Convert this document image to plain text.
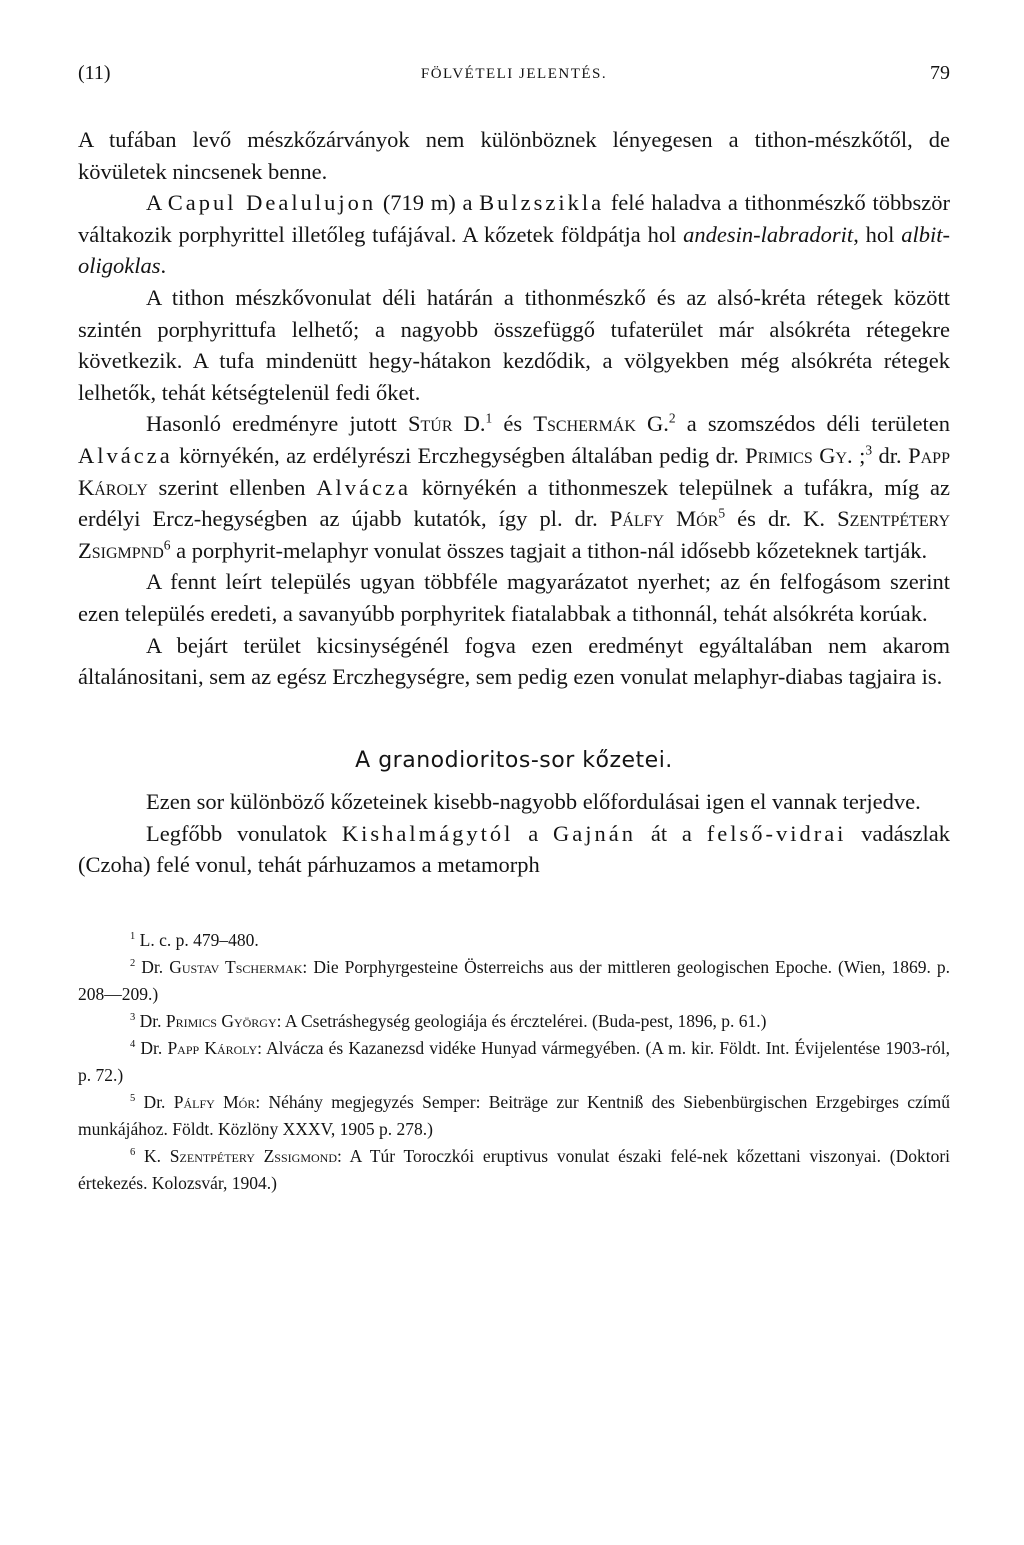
(11)	FÖLVÉTELI JELENTÉS.	79

A tufában levő mészkőzárványok nem különböznek lényegesen a tithon-mészkőtől, de kövületek nincsenek benne.

A Capul Dealulujon (719 m) a Bulzszikla felé haladva a tithonmészkő többször váltakozik porphyrittel illetőleg tufájával. A kőzetek földpátja hol andesin-labradorit, hol albit-oligoklas.

A tithon mészkővonulat déli határán a tithonmészkő és az alsó-kréta rétegek között szintén porphyrittufa lelhető; a nagyobb összefüggő tufaterület már alsókréta rétegekre következik. A tufa mindenütt hegy-hátakon kezdődik, a völgyekben még alsókréta rétegek lelhetők, tehát kétségtelenül fedi őket.

Hasonló eredményre jutott Stúr D.$^1$ és Tschermák G.$^2$ a szomszédos déli területen Alvácza környékén, az erdélyrészi Erczhegységben általában pedig dr. Primics Gy. ;$^3$ dr. Papp Károly szerint ellenben Alvácza környékén a tithonmeszek települnek a tufákra, míg az erdélyi Ercz-hegységben az újabb kutatók, így pl. dr. Pálfy Mór$^5$ és dr. K. Szentpétery Zsigmpnd$^6$ a porphyrit-melaphyr vonulat összes tagjait a tithon-nál idősebb kőzeteknek tartják.

A fennt leírt település ugyan többféle magyarázatot nyerhet; az én felfogásom szerint ezen település eredeti, a savanyúbb porphyritek fiatalabbak a tithonnál, tehát alsókréta korúak.

A bejárt terület kicsinységénél fogva ezen eredményt egyáltalában nem akarom általánositani, sem az egész Erczhegységre, sem pedig ezen vonulat melaphyr-diabas tagjaira is.

A granodioritos-sor kőzetei.

Ezen sor különböző kőzeteinek kisebb-nagyobb előfordulásai igen el vannak terjedve.

Legfőbb vonulatok Kishalmágytól a Gajnán át a felső-vidrai vadászlak (Czoha) felé vonul, tehát párhuzamos a metamorph

$^1$ L. c. p. 479–480.

$^2$ Dr. Gustav Tschermak: Die Porphyrgesteine Österreichs aus der mittleren geologischen Epoche. (Wien, 1869. p. 208—209.)

$^3$ Dr. Primics György: A Csetráshegység geologiája és ércztelérei. (Buda-pest, 1896, p. 61.)

$^4$ Dr. Papp Károly: Alvácza és Kazanezsd vidéke Hunyad vármegyében. (A m. kir. Földt. Int. Évijelentése 1903-ról, p. 72.)

$^5$ Dr. Pálfy Mór: Néhány megjegyzés Semper: Beiträge zur Kentniß des Siebenbürgischen Erzgebirges czímű munkájához. Földt. Közlöny XXXV, 1905 p. 278.)

$^6$ K. Szentpétery Zssigmond: A Túr Toroczkói eruptivus vonulat északi felé-nek kőzettani viszonyai. (Doktori értekezés. Kolozsvár, 1904.)
